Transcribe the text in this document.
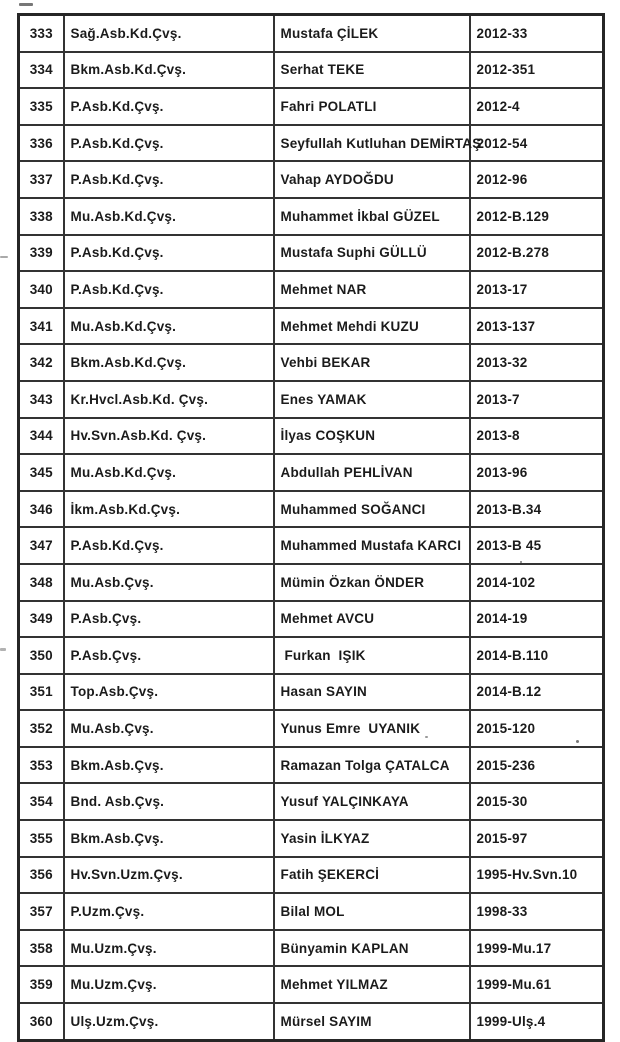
333	Sağ.Asb.Kd.Çvş.	Mustafa ÇİLEK	2012-33
334	Bkm.Asb.Kd.Çvş.	Serhat TEKE	2012-351
335	P.Asb.Kd.Çvş.	Fahri POLATLI	2012-4
336	P.Asb.Kd.Çvş.	Seyfullah Kutluhan DEMİRTAŞ	2012-54
337	P.Asb.Kd.Çvş.	Vahap AYDOĞDU	2012-96
338	Mu.Asb.Kd.Çvş.	Muhammet İkbal GÜZEL	2012-B.129
339	P.Asb.Kd.Çvş.	Mustafa Suphi GÜLLÜ	2012-B.278
340	P.Asb.Kd.Çvş.	Mehmet NAR	2013-17
341	Mu.Asb.Kd.Çvş.	Mehmet Mehdi KUZU	2013-137
342	Bkm.Asb.Kd.Çvş.	Vehbi BEKAR	2013-32
343	Kr.Hvcl.Asb.Kd. Çvş.	Enes YAMAK	2013-7
344	Hv.Svn.Asb.Kd. Çvş.	İlyas COŞKUN	2013-8
345	Mu.Asb.Kd.Çvş.	Abdullah PEHLİVAN	2013-96
346	İkm.Asb.Kd.Çvş.	Muhammed SOĞANCI	2013-B.34
347	P.Asb.Kd.Çvş.	Muhammed Mustafa KARCI	2013-B 45
348	Mu.Asb.Çvş.	Mümin Özkan ÖNDER	2014-102
349	P.Asb.Çvş.	Mehmet AVCU	2014-19
350	P.Asb.Çvş.	Furkan  IŞIK	2014-B.110
351	Top.Asb.Çvş.	Hasan SAYIN	2014-B.12
352	Mu.Asb.Çvş.	Yunus Emre  UYANIK	2015-120
353	Bkm.Asb.Çvş.	Ramazan Tolga ÇATALCA	2015-236
354	Bnd. Asb.Çvş.	Yusuf YALÇINKAYA	2015-30
355	Bkm.Asb.Çvş.	Yasin İLKYAZ	2015-97
356	Hv.Svn.Uzm.Çvş.	Fatih ŞEKERCİ	1995-Hv.Svn.10
357	P.Uzm.Çvş.	Bilal MOL	1998-33
358	Mu.Uzm.Çvş.	Bünyamin KAPLAN	1999-Mu.17
359	Mu.Uzm.Çvş.	Mehmet YILMAZ	1999-Mu.61
360	Ulş.Uzm.Çvş.	Mürsel SAYIM	1999-Ulş.4
